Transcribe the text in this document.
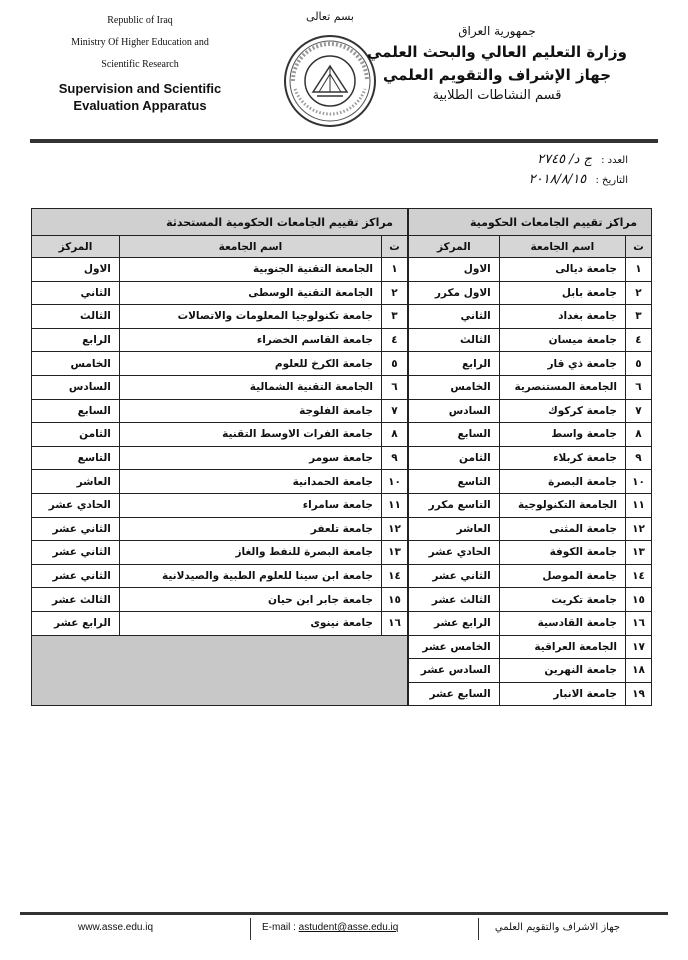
Republic of Iraq
Ministry Of Higher Education and
Scientific Research
Supervision and Scientific
Evaluation Apparatus
بسم تعالى
جمهورية العراق
وزارة التعليم العالي والبحث العلمي
جهاز الإشراف والتقويم العلمي
قسم النشاطات الطلابية
العدد : ج د/ ٢٧٤٥
التاريخ : ٢٠١٨/٨/١٥
مراكز تقييم الجامعات الحكومية		
ت	اسم الجامعة	المركز
١	جامعة ديالى	الاول
٢	جامعة بابل	الاول مكرر
٣	جامعة بغداد	الثاني
٤	جامعة ميسان	الثالث
٥	جامعة ذي قار	الرابع
٦	الجامعة المستنصرية	الخامس
٧	جامعة كركوك	السادس
٨	جامعة واسط	السابع
٩	جامعة كربلاء	الثامن
١٠	جامعة البصرة	التاسع
١١	الجامعة التكنولوجية	التاسع مكرر
١٢	جامعة المثنى	العاشر
١٣	جامعة الكوفة	الحادي عشر
١٤	جامعة الموصل	الثاني عشر
١٥	جامعة تكريت	الثالث عشر
١٦	جامعة القادسية	الرابع عشر
١٧	الجامعة العراقية	الخامس عشر
١٨	جامعة النهرين	السادس عشر
١٩	جامعة الانبار	السابع عشر
مراكز تقييم الجامعات الحكومية المستحدثة		
ت	اسم الجامعة	المركز
١	الجامعة التقنية الجنوبية	الاول
٢	الجامعة التقنية الوسطى	الثاني
٣	جامعة تكنولوجيا المعلومات والاتصالات	الثالث
٤	جامعة القاسم الخضراء	الرابع
٥	جامعة الكرخ للعلوم	الخامس
٦	الجامعة التقنية الشمالية	السادس
٧	جامعة الفلوجة	السابع
٨	جامعة الفرات الاوسط التقنية	الثامن
٩	جامعة سومر	التاسع
١٠	جامعة الحمدانية	العاشر
١١	جامعة سامراء	الحادي عشر
١٢	جامعة تلعفر	الثاني عشر
١٣	جامعة البصرة للنفط والغاز	الثاني عشر
١٤	جامعة ابن سينا للعلوم الطبية والصيدلانية	الثاني عشر
١٥	جامعة جابر ابن حيان	الثالث عشر
١٦	جامعة نينوى	الرابع عشر

www.asse.edu.iq	E-mail : astudent@asse.edu.iq	جهاز الاشراف والتقويم العلمي
